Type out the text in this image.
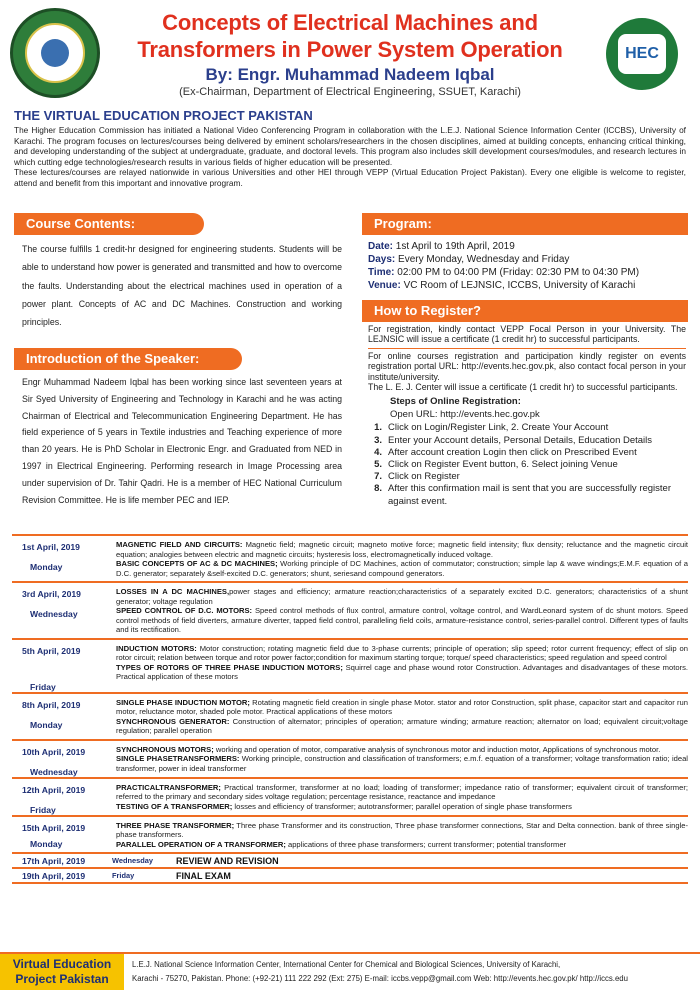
Concepts of Electrical Machines and
Transformers in Power System Operation
By: Engr. Muhammad Nadeem Iqbal
(Ex-Chairman, Department of Electrical Engineering, SSUET, Karachi)
HEC
THE VIRTUAL EDUCATION PROJECT PAKISTAN

The Higher Education Commission has initiated a National Video Conferencing Program in collaboration with the L.E.J. National Science Information Center (ICCBS), University of Karachi. The program focuses on lectures/courses being delivered by eminent scholars/researchers in the chosen disciplines, aimed at building concepts, enhancing critical thinking, and developing understanding of the subject at undergraduate, graduate, and doctoral levels. This program also includes skill development courses/modules, and research lectures in which cutting edge technologies/research results in various fields of higher education will be presented.

These lectures/courses are relayed nationwide in various Universities and other HEI through VEPP (Virtual Education Project Pakistan). Every one eligible is welcome to register, attend and benefit from this important and innovative program.

Course Contents:
The course fulfills 1 credit-hr designed for engineering students. Students will be able to understand how power is generated and transmitted and how to overcome the faults. Understanding about the electrical machines used in operation of a power plant. Concepts of AC and DC Machines. Construction and working principles.
Introduction of the Speaker:
Engr Muhammad Nadeem Iqbal has been working since last seventeen years at Sir Syed University of Engineering and Technology in Karachi and he was acting Chairman of Electrical and Telecommunication Engineering Department. He has field experience of 5 years in Textile industries and Teaching experience of more than 20 years. He is PhD Scholar in Electronic Engr. and Graduated from NED in 1997 in Electrical Engineering. Performing research in Image Processing area under supervision of Dr. Tahir Qadri. He is a member of HEC National Curriculum Revision Committee. He is life member PEC and IEP.
Program:
Date: 1st April to 19th April, 2019
Days: Every Monday, Wednesday and Friday
Time: 02:00 PM to 04:00 PM (Friday: 02:30 PM to 04:30 PM)
Venue: VC Room of LEJNSIC, ICCBS, University of Karachi
How to Register?

For registration, kindly contact VEPP Focal Person in your University. The LEJNSIC will issue a certificate (1 credit hr) to successful participants.

For online courses registration and participation kindly register on events registration portal URL: http://events.hec.gov.pk, also contact focal person in your institute/university.

The L. E. J. Center will issue a certificate (1 credit hr) to successful participants.

Steps of Online Registration:
Open URL: http://events.hec.gov.pk
1. Click on Login/Register Link, 2. Create Your Account
3. Enter your Account details, Personal Details, Education Details
4. After account creation Login then click on Prescribed Event
5. Click on Register Event button, 6. Select joining Venue
7. Click on Register
8. After this confirmation mail is sent that you are successfully register against event.
1st April, 2019
Monday
MAGNETIC FIELD AND CIRCUITS: Magnetic field; magnetic circuit; magneto motive force; magnetic field intensity; flux density; reluctance and the magnetic circuit equation; analogies between electric and magnetic circuits; hysteresis loss, electromagnetically induced voltage.
BASIC CONCEPTS OF AC & DC MACHINES; Working principle of DC Machines, action of commutator; construction; simple lap & wave windings;E.M.F. equation of a D.C. generator; separately &self-excited D.C. generators; shunt, seriesand compound generators.
3rd April, 2019
Wednesday
LOSSES IN A DC MACHINES,power stages and efficiency; armature reaction;characteristics of a separately excited D.C. generators; characteristics of a shunt generator; voltage regulation
SPEED CONTROL OF D.C. MOTORS: Speed control methods of flux control, armature control, voltage control, and WardLeonard system of dc shunt motors. Speed control methods of field diverters, armature diverter, tapped field control, paralleling field coils, armature-resistance control, series-parallel control. Different types of faults and its rectification.
5th April, 2019
Friday
INDUCTION MOTORS: Motor construction; rotating magnetic field due to 3-phase currents; principle of operation; slip speed; rotor current frequency; effect of slip on rotor circuit; relation between torque and rotor power factor;condition for maximum starting torque; torque/ speed characteristics; speed regulation and speed control
TYPES OF ROTORS OF THREE PHASE INDUCTION MOTORS; Squirrel cage and phase wound rotor Construction. Advantages and disadvantages of these motors. Practical application of these motors
8th April, 2019
Monday
SINGLE PHASE INDUCTION MOTOR; Rotating magnetic field creation in single phase Motor. stator and rotor Construction, split phase, capacitor start and capacitor run motor, reluctance motor, shaded pole motor. Practical applications of these motors
SYNCHRONOUS GENERATOR: Construction of alternator; principles of operation; armature winding; armature reaction; alternator on load; equivalent circuit;voltage regulation; parallel operation
10th April, 2019
Wednesday
SYNCHRONOUS MOTORS; working and operation of motor, comparative analysis of synchronous motor and induction motor, Applications of synchronous motor.
SINGLE PHASETRANSFORMERS: Working principle, construction and classification of transformers; e.m.f. equation of a transformer; voltage transformation ratio; ideal transformer, power in ideal transformer
12th April, 2019
Friday
PRACTICALTRANSFORMER; Practical transformer, transformer at no load; loading of transformer; impedance ratio of transformer; equivalent circuit of transformer; referred to the primary and secondary sides voltage regulation; percentage resistance, reactance and impedance
TESTING OF A TRANSFORMER; losses and efficiency of transformer; autotransformer; parallel operation of single phase transformers
15th April, 2019
Monday
THREE PHASE TRANSFORMER; Three phase Transformer and its construction, Three phase transformer connections, Star and Delta connection. bank of three single-phase transformers.
PARALLEL OPERATION OF A TRANSFORMER; applications of three phase transformers; current transformer; potential transformer
17th April, 2019	Wednesday	REVIEW AND REVISION
19th April, 2019	Friday	FINAL EXAM
Virtual Education
Project Pakistan
L.E.J. National Science Information Center, International Center for Chemical and Biological Sciences, University of Karachi,
Karachi - 75270, Pakistan. Phone: (+92-21) 111 222 292 (Ext: 275) E-mail: iccbs.vepp@gmail.com Web: http://events.hec.gov.pk/ http://iccs.edu
